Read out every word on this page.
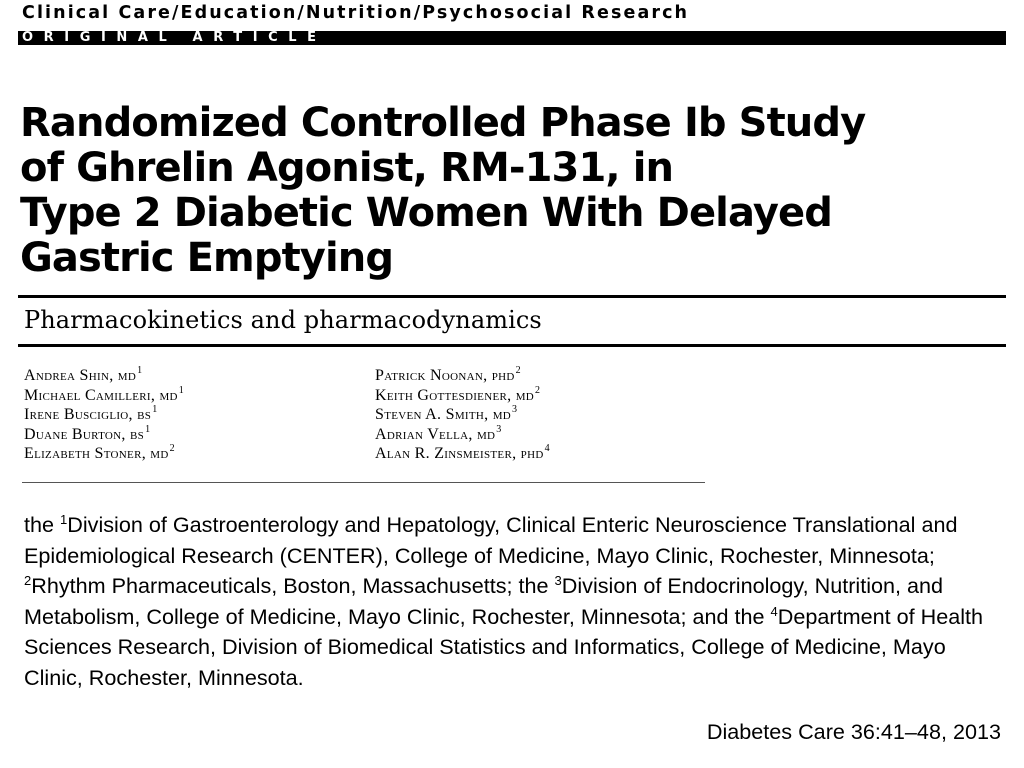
Clinical Care/Education/Nutrition/Psychosocial Research
ORIGINAL ARTICLE
Randomized Controlled Phase Ib Study
of Ghrelin Agonist, RM-131, in
Type 2 Diabetic Women With Delayed
Gastric Emptying
Pharmacokinetics and pharmacodynamics
Andrea Shin, $md^1$
Michael Camilleri, $md^1$
Irene Busciglio, $bs^1$
Duane Burton, $bs^1$
Elizabeth Stoner, $md^2$
Patrick Noonan, phd$^2$
Keith Gottesdiener, $md^2$
Steven A. Smith, $md^3$
Adrian Vella, $md^3$
Alan R. Zinsmeister, phd$^4$

the $^1$Division of Gastroenterology and Hepatology, Clinical Enteric Neuroscience Translational and Epidemiological Research (CENTER), College of Medicine, Mayo Clinic, Rochester, Minnesota; $^2$Rhythm Pharmaceuticals, Boston, Massachusetts; the $^3$Division of Endocrinology, Nutrition, and Metabolism, College of Medicine, Mayo Clinic, Rochester, Minnesota; and the $^4$Department of Health Sciences Research, Division of Biomedical Statistics and Informatics, College of Medicine, Mayo Clinic, Rochester, Minnesota.

Diabetes Care 36:41–48, 2013
